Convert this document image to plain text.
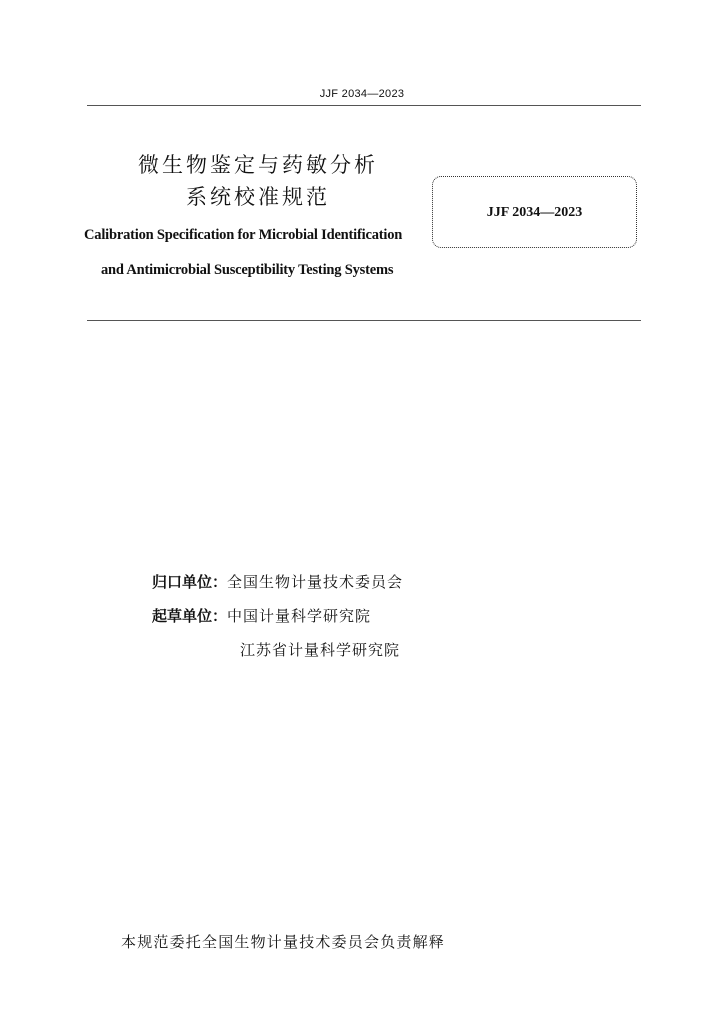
JJF 2034—2023
微生物鉴定与药敏分析
系统校准规范
JJF 2034—2023
Calibration Specification for Microbial Identification
and Antimicrobial Susceptibility Testing Systems
归口单位：全国生物计量技术委员会
起草单位：中国计量科学研究院
江苏省计量科学研究院
本规范委托全国生物计量技术委员会负责解释
